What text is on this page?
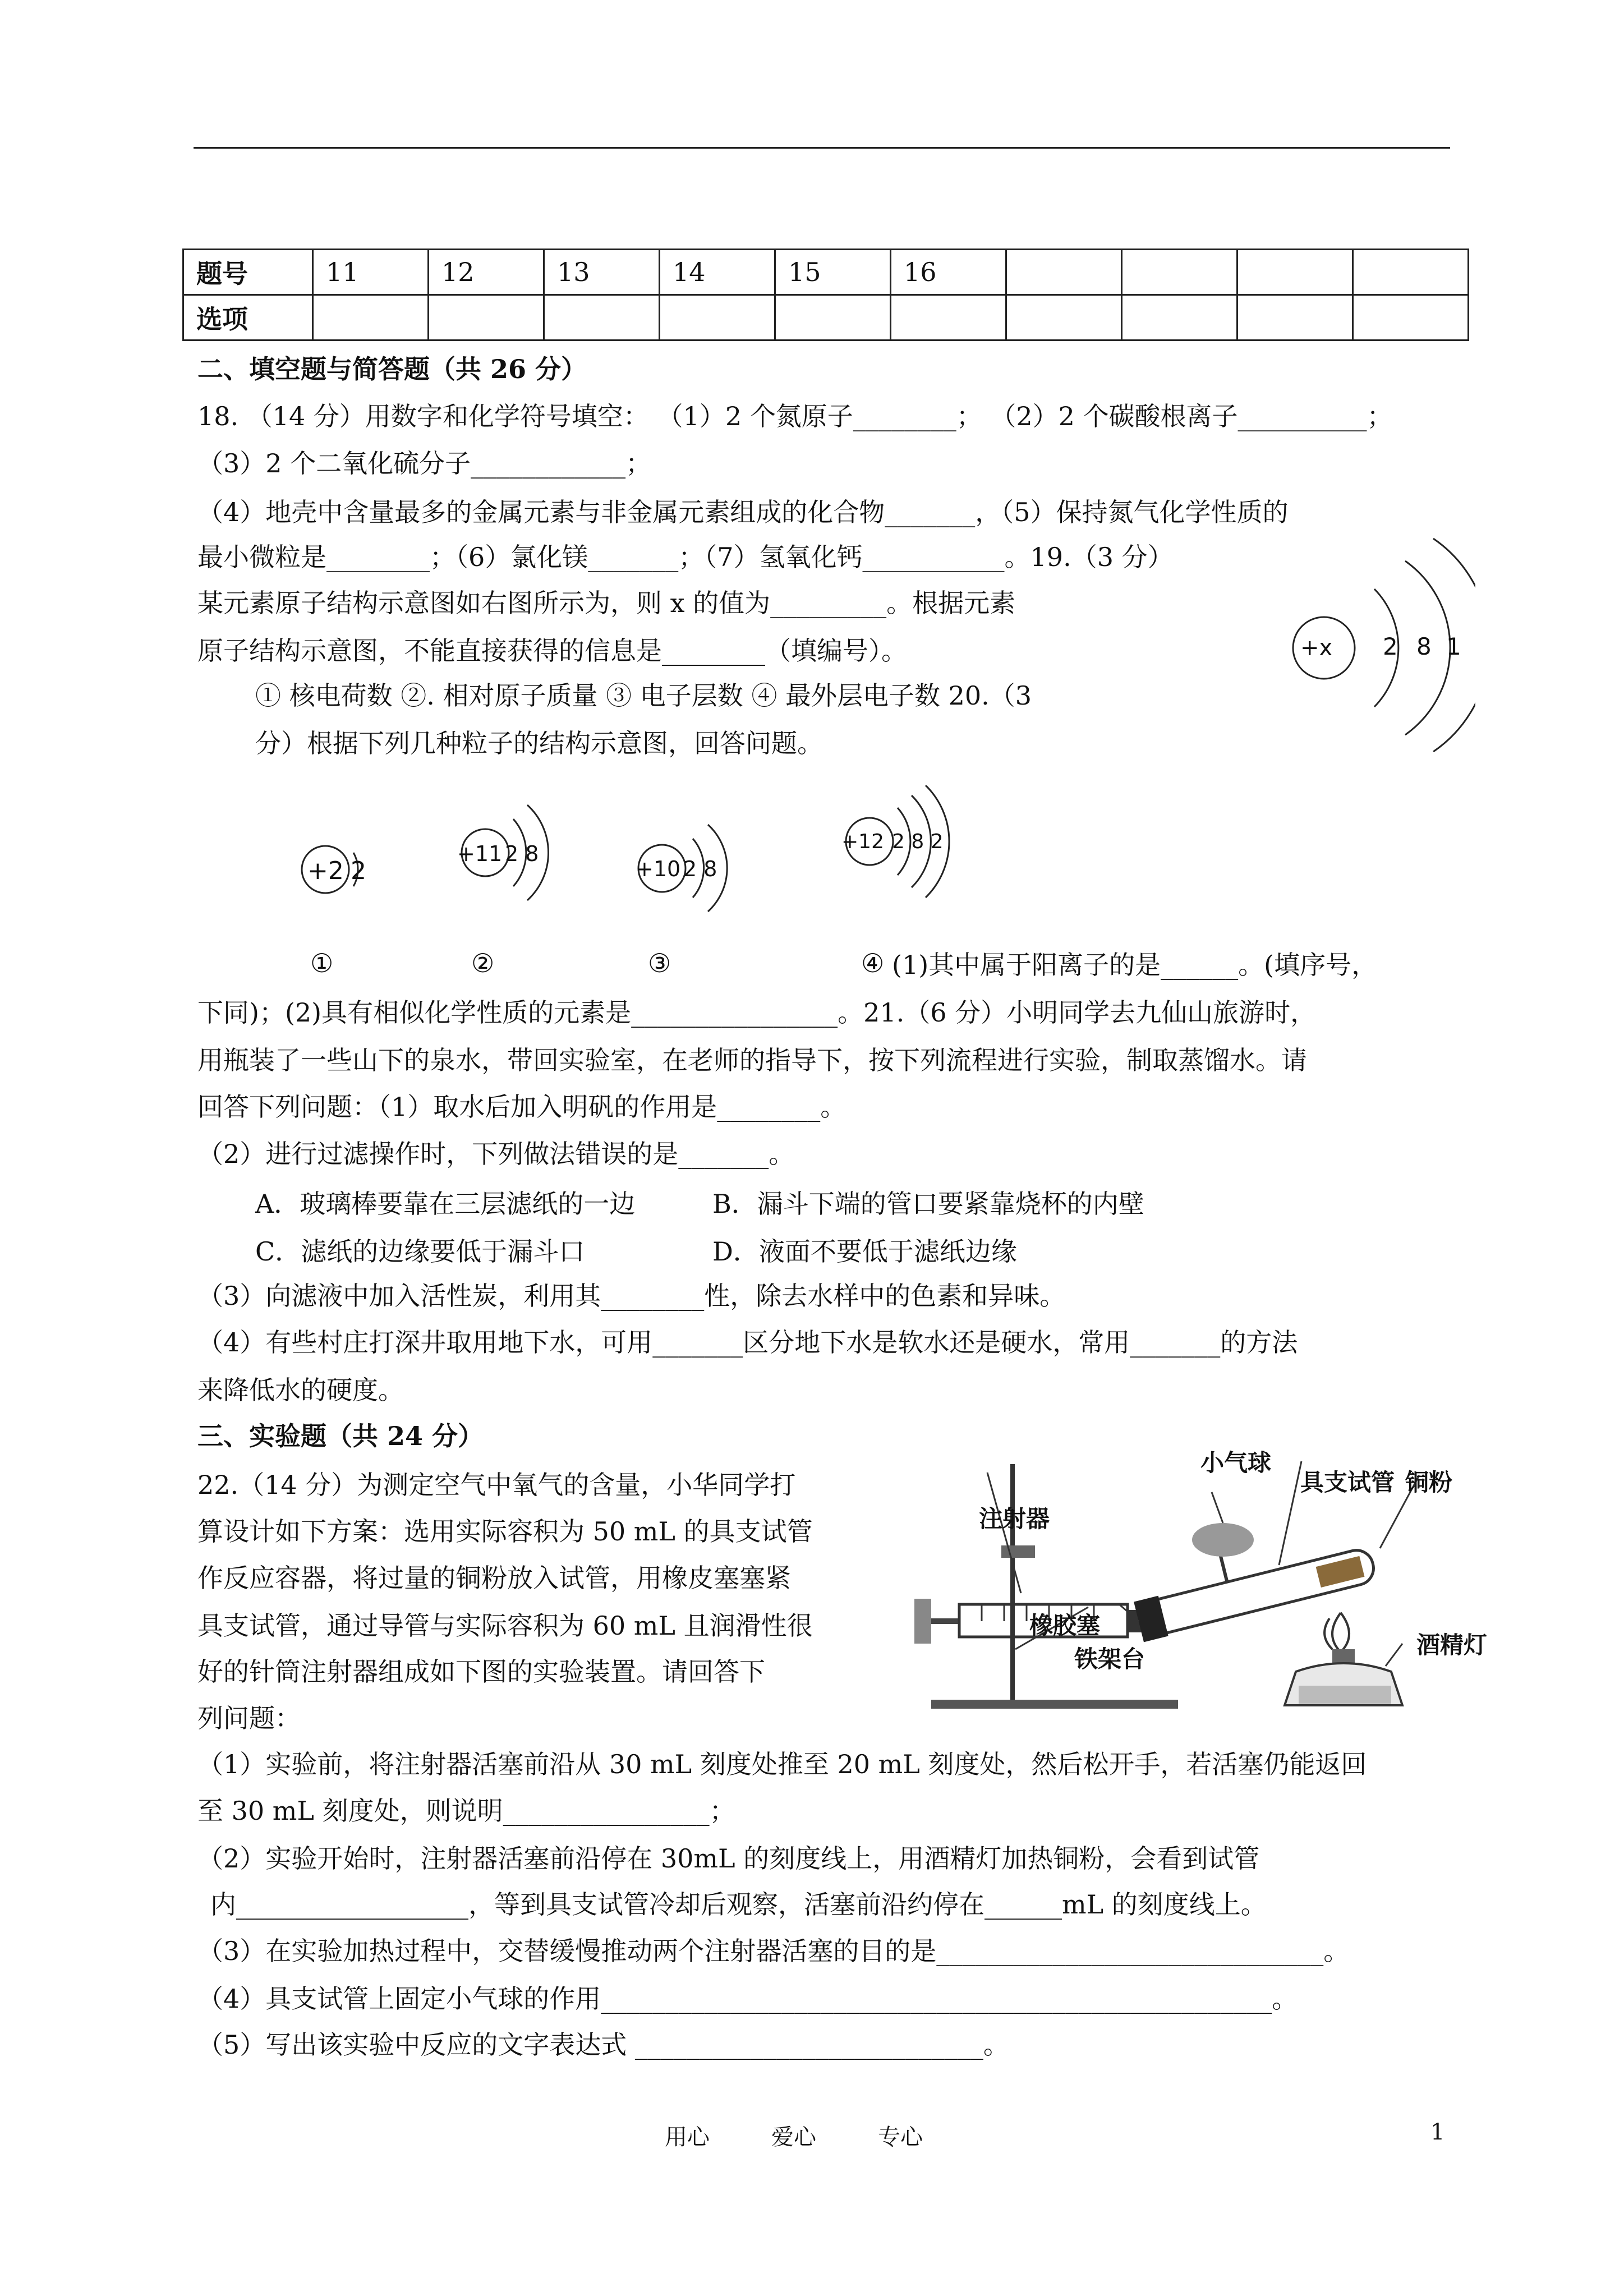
题号	11	12	13	14	15	16				
选项										
二、填空题与简答题（共 26 分）
18. （14 分）用数字和化学符号填空： （1）2 个氮原子________； （2）2 个碳酸根离子__________；
（3）2 个二氧化硫分子____________；
（4）地壳中含量最多的金属元素与非金属元素组成的化合物_______，（5）保持氮气化学性质的
最小微粒是________；（6）氯化镁_______；（7）氢氧化钙___________。19.（3 分）
某元素原子结构示意图如右图所示为，则 x 的值为_________。根据元素
原子结构示意图，不能直接获得的信息是________（填编号）。
① 核电荷数 ②. 相对原子质量 ③ 电子层数 ④ 最外层电子数 20.（3
分）根据下列几种粒子的结构示意图，回答问题。
+x 2 8 1
+2 2
+11 2 8
+10 2 8
+12 2 8 2
①	②	③	④ (1)其中属于阳离子的是______。(填序号，
下同)；(2)具有相似化学性质的元素是________________。21.（6 分）小明同学去九仙山旅游时，
用瓶装了一些山下的泉水，带回实验室，在老师的指导下，按下列流程进行实验，制取蒸馏水。请
回答下列问题：（1）取水后加入明矾的作用是________。
（2）进行过滤操作时，下列做法错误的是_______。
A．玻璃棒要靠在三层滤纸的一边	B．漏斗下端的管口要紧靠烧杯的内壁
C．滤纸的边缘要低于漏斗口	D．液面不要低于滤纸边缘
（3）向滤液中加入活性炭，利用其________性，除去水样中的色素和异味。
（4）有些村庄打深井取用地下水，可用_______区分地下水是软水还是硬水，常用_______的方法
来降低水的硬度。
三、实验题（共 24 分）
22.（14 分）为测定空气中氧气的含量，小华同学打
算设计如下方案：选用实际容积为 50 mL 的具支试管
作反应容器，将过量的铜粉放入试管，用橡皮塞塞紧
具支试管，通过导管与实际容积为 60 mL 且润滑性很
好的针筒注射器组成如下图的实验装置。请回答下
列问题：
小气球
具支试管 铜粉
注射器
橡胶塞
铁架台
酒精灯
（1）实验前，将注射器活塞前沿从 30 mL 刻度处推至 20 mL 刻度处，然后松开手，若活塞仍能返回
至 30 mL 刻度处，则说明________________；
（2）实验开始时，注射器活塞前沿停在 30mL 的刻度线上，用酒精灯加热铜粉，会看到试管
内__________________，等到具支试管冷却后观察，活塞前沿约停在______mL 的刻度线上。
（3）在实验加热过程中，交替缓慢推动两个注射器活塞的目的是______________________________。
（4）具支试管上固定小气球的作用____________________________________________________。
（5）写出该实验中反应的文字表达式 ___________________________。
用心	爱心	专心	1
